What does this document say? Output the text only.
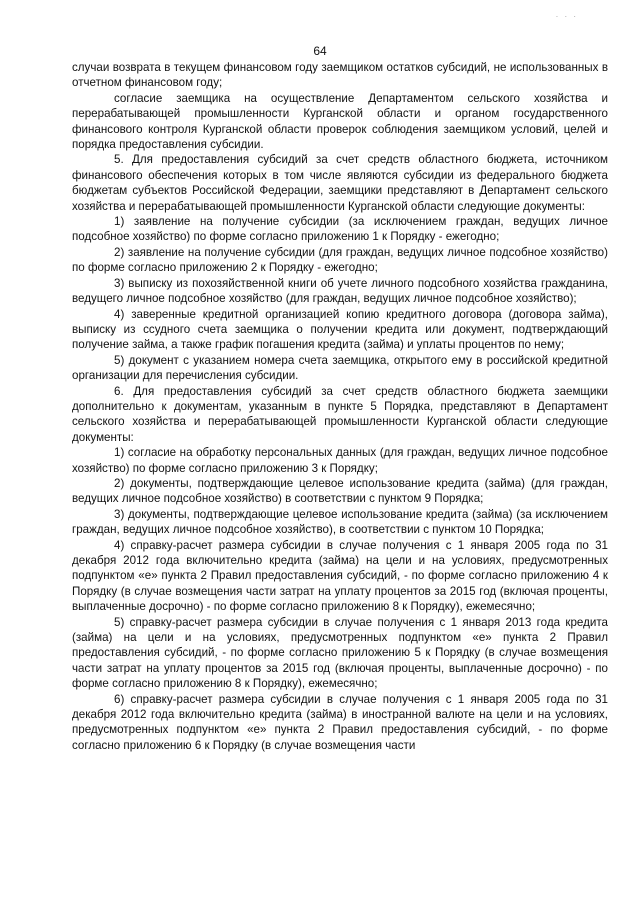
· · ·
64

случаи возврата в текущем финансовом году заемщиком остатков субсидий, не использованных в отчетном финансовом году;

согласие заемщика на осуществление Департаментом сельского хозяйства и перерабатывающей промышленности Курганской области и органом государственного финансового контроля Курганской области проверок соблюдения заемщиком условий, целей и порядка предоставления субсидии.

5. Для предоставления субсидий за счет средств областного бюджета, источником финансового обеспечения которых в том числе являются субсидии из федерального бюджета бюджетам субъектов Российской Федерации, заемщики представляют в Департамент сельского хозяйства и перерабатывающей промышленности Курганской области следующие документы:

1) заявление на получение субсидии (за исключением граждан, ведущих личное подсобное хозяйство) по форме согласно приложению 1 к Порядку - ежегодно;

2) заявление на получение субсидии (для граждан, ведущих личное подсобное хозяйство) по форме согласно приложению 2 к Порядку - ежегодно;

3) выписку из похозяйственной книги об учете личного подсобного хозяйства гражданина, ведущего личное подсобное хозяйство (для граждан, ведущих личное подсобное хозяйство);

4) заверенные кредитной организацией копию кредитного договора (договора займа), выписку из ссудного счета заемщика о получении кредита или документ, подтверждающий получение займа, а также график погашения кредита (займа) и уплаты процентов по нему;

5) документ с указанием номера счета заемщика, открытого ему в российской кредитной организации для перечисления субсидии.

6. Для предоставления субсидий за счет средств областного бюджета заемщики дополнительно к документам, указанным в пункте 5 Порядка, представляют в Департамент сельского хозяйства и перерабатывающей промышленности Курганской области следующие документы:

1) согласие на обработку персональных данных (для граждан, ведущих личное подсобное хозяйство) по форме согласно приложению 3 к Порядку;

2) документы, подтверждающие целевое использование кредита (займа) (для граждан, ведущих личное подсобное хозяйство) в соответствии с пунктом 9 Порядка;

3) документы, подтверждающие целевое использование кредита (займа) (за исключением граждан, ведущих личное подсобное хозяйство), в соответствии с пунктом 10 Порядка;

4) справку-расчет размера субсидии в случае получения с 1 января 2005 года по 31 декабря 2012 года включительно кредита (займа) на цели и на условиях, предусмотренных подпунктом «е» пункта 2 Правил предоставления субсидий, - по форме согласно приложению 4 к Порядку (в случае возмещения части затрат на уплату процентов за 2015 год (включая проценты, выплаченные досрочно) - по форме согласно приложению 8 к Порядку), ежемесячно;

5) справку-расчет размера субсидии в случае получения с 1 января 2013 года кредита (займа) на цели и на условиях, предусмотренных подпунктом «е» пункта 2 Правил предоставления субсидий, - по форме согласно приложению 5 к Порядку (в случае возмещения части затрат на уплату процентов за 2015 год (включая проценты, выплаченные досрочно) - по форме согласно приложению 8 к Порядку), ежемесячно;

6) справку-расчет размера субсидии в случае получения с 1 января 2005 года по 31 декабря 2012 года включительно кредита (займа) в иностранной валюте на цели и на условиях, предусмотренных подпунктом «е» пункта 2 Правил предоставления субсидий, - по форме согласно приложению 6 к Порядку (в случае возмещения части
